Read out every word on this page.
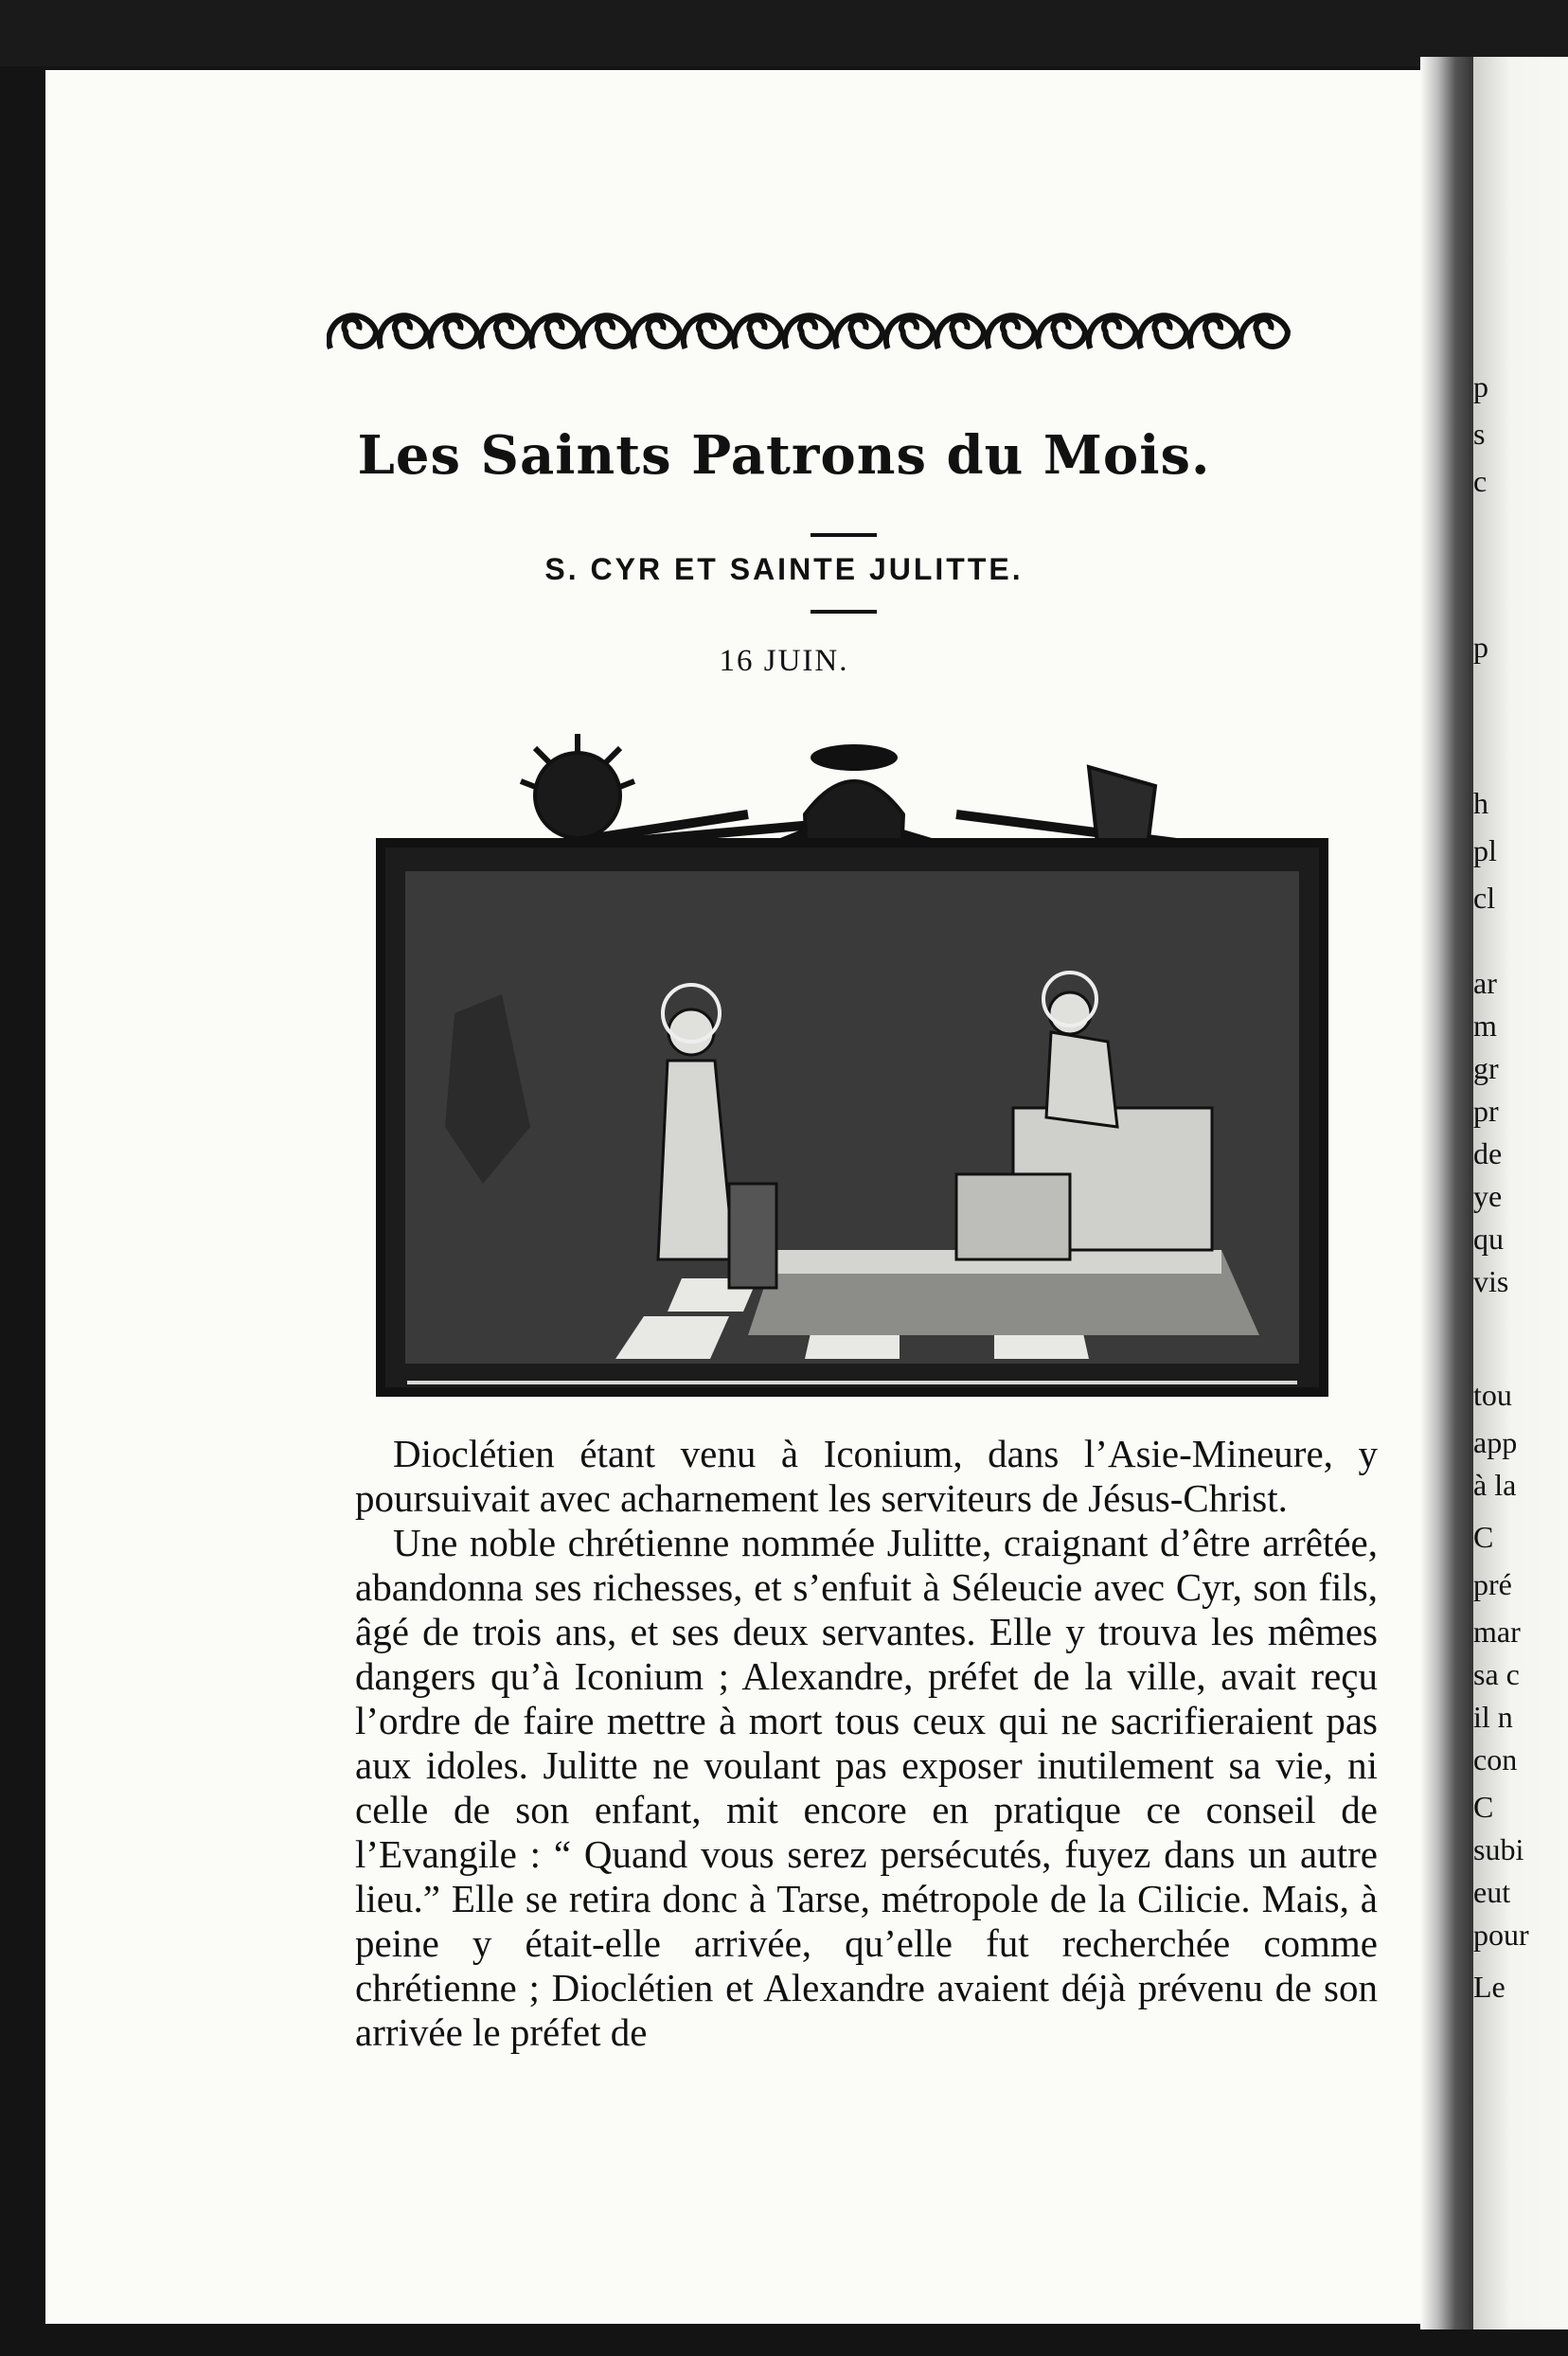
p
s
c
p
h
pl
cl
ar
m
gr
pr
de
ye
qu
vis
tou
app
à la
C
pré
mar
sa c
il n
con
C
subi
eut
pour
Le
Les Saints Patrons du Mois.
S. CYR ET SAINTE JULITTE.
16 JUIN.

Dioclétien étant venu à Iconium, dans l’Asie-Mineure, y poursuivait avec acharnement les serviteurs de Jésus-Christ.

Une noble chrétienne nommée Julitte, craignant d’être arrêtée, abandonna ses richesses, et s’enfuit à Séleucie avec Cyr, son fils, âgé de trois ans, et ses deux servantes. Elle y trouva les mêmes dangers qu’à Iconium ; Alexandre, préfet de la ville, avait reçu l’ordre de faire mettre à mort tous ceux qui ne sacrifieraient pas aux idoles. Julitte ne voulant pas exposer inutilement sa vie, ni celle de son enfant, mit encore en pratique ce conseil de l’Evangile : “ Quand vous serez persécutés, fuyez dans un autre lieu.” Elle se retira donc à Tarse, métropole de la Cilicie. Mais, à peine y était-elle arrivée, qu’elle fut recherchée comme chrétienne ; Dioclétien et Alexandre avaient déjà prévenu de son arrivée le préfet de
